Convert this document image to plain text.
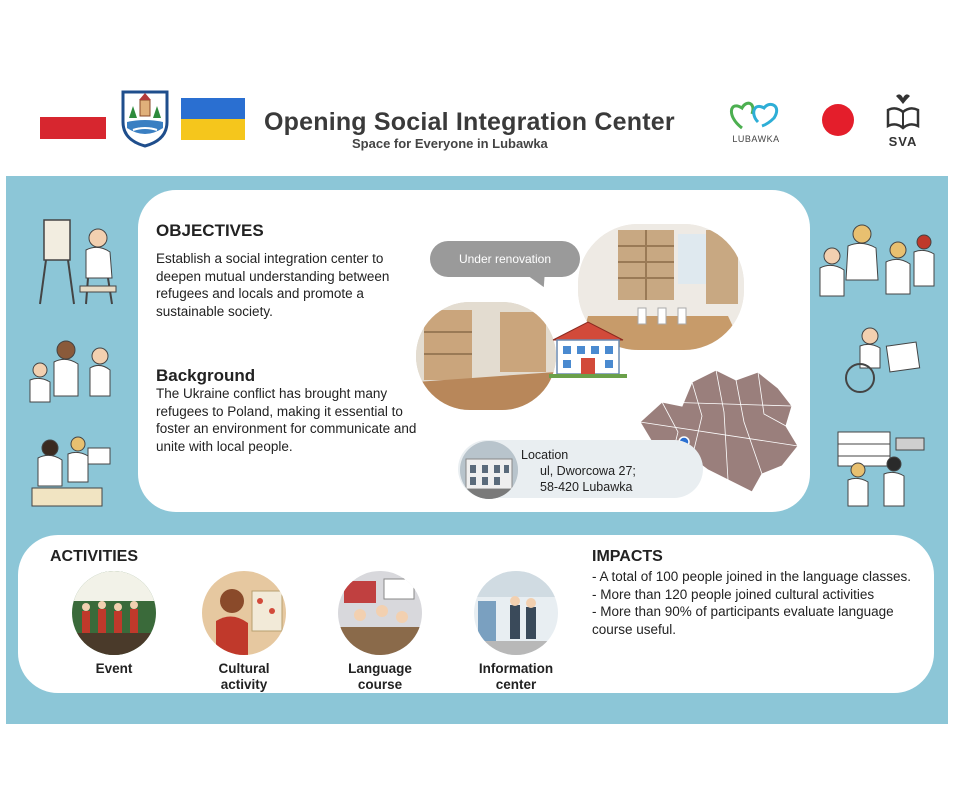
Opening Social Integration Center
Space for Everyone in Lubawka	LUBAWKA	SVA
OBJECTIVES
Establish a social integration center to deepen mutual understanding between refugees and locals and promote a sustainable society.
Background
The Ukraine conflict has brought many refugees to Poland, making it essential to foster an environment for communicate and unite with local people.
Under renovation
Location
ul, Dworcowa 27;
58-420 Lubawka
ACTIVITIES
Event	Cultural activity
Language course
Information center
IMPACTS
- A total of 100 people joined in the language classes.
- More than 120 people joined cultural activities
- More than 90% of participants evaluate language course useful.
